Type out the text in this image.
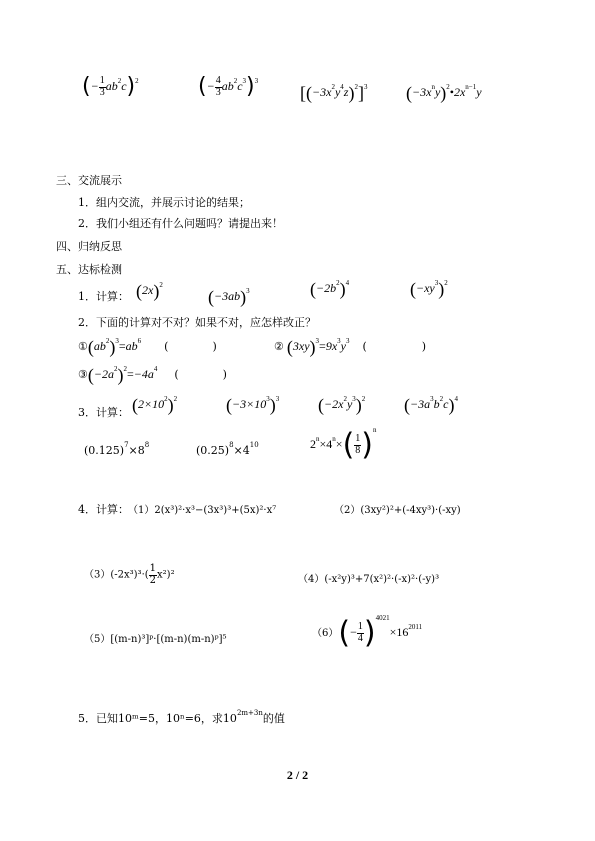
(− $\frac{1}{3} ab^2c)^2$	(− $\frac{4}{3} ab^2c^3)^3$
$[(-3x^2y^4z)^2]^3$ $(-3x^ny)^2•2x^{n-1}y$
三、交流展示
1．组内交流，并展示讨论的结果；
2．我们小组还有什么问题吗？请提出来！
四、归纳反思
五、达标检测
1．计算： $(2x)^2$
$(-3ab)^3$	$(-2b^2)^4$	$(-xy^3)^2$
2．下面的计算对不对？如果不对，应怎样改正？
$①(ab^2)^3=ab^6$ (　　　　)	② $(3xy)^3=9x^3y^3$ (　　　　　)
$③(-2a^2)^2=-4a^4$ (　　　　)
3．计算： $(2\times 10^2)^2$	$(-3\times 10^3)^3$ $(-2x^2y^3)^2$ $(-3a^3b^2c)^4$
$(0.125)^7\times 8^8$	$(0.25)^8\times 4^{10}$	$2^n\times 4^n\times( \frac{1}{8} )^n$
4．计算： （1）2(x³)²·x³−(3x³)³+(5x)²·x⁷	（2）(3xy²)²+(-4xy³)·(-xy)
$(3)(-2x^3)^3\cdot( \frac{1}{2} x^2)^2$	（4）(-x²y)³+7(x²)²·(-x)²·(-y)³
（5）[(m-n)³]ᵖ·[(m-n)(m-n)ᵖ]⁵
$(6)(- \frac{1}{4} )^{4021}\times 16^{2011}$
5．已知10ᵐ=5，10ⁿ=6，求$10^{2m+3n}$的值
2 / 2
